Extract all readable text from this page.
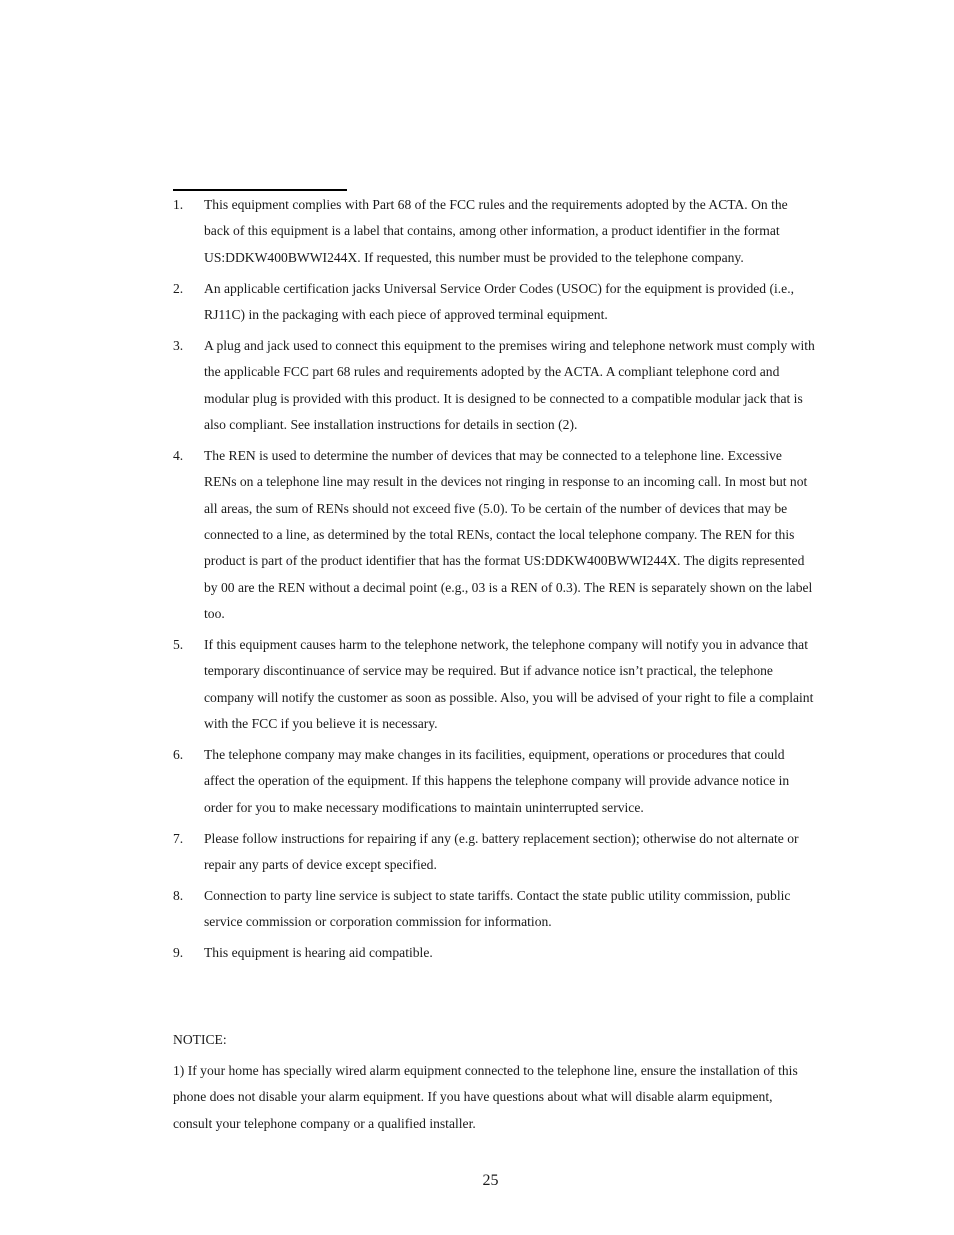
1. This equipment complies with Part 68 of the FCC rules and the requirements adopted by the ACTA. On the back of this equipment is a label that contains, among other information, a product identifier in the format US:DDKW400BWWI244X. If requested, this number must be provided to the telephone company.
2. An applicable certification jacks Universal Service Order Codes (USOC) for the equipment is provided (i.e., RJ11C) in the packaging with each piece of approved terminal equipment.
3. A plug and jack used to connect this equipment to the premises wiring and telephone network must comply with the applicable FCC part 68 rules and requirements adopted by the ACTA. A compliant telephone cord and modular plug is provided with this product. It is designed to be connected to a compatible modular jack that is also compliant. See installation instructions for details in section (2).
4. The REN is used to determine the number of devices that may be connected to a telephone line. Excessive RENs on a telephone line may result in the devices not ringing in response to an incoming call. In most but not all areas, the sum of RENs should not exceed five (5.0). To be certain of the number of devices that may be connected to a line, as determined by the total RENs, contact the local telephone company. The REN for this product is part of the product identifier that has the format US:DDKW400BWWI244X. The digits represented by 00 are the REN without a decimal point (e.g., 03 is a REN of 0.3). The REN is separately shown on the label too.
5. If this equipment causes harm to the telephone network, the telephone company will notify you in advance that temporary discontinuance of service may be required. But if advance notice isn’t practical, the telephone company will notify the customer as soon as possible. Also, you will be advised of your right to file a complaint with the FCC if you believe it is necessary.
6. The telephone company may make changes in its facilities, equipment, operations or procedures that could affect the operation of the equipment. If this happens the telephone company will provide advance notice in order for you to make necessary modifications to maintain uninterrupted service.
7. Please follow instructions for repairing if any (e.g. battery replacement section); otherwise do not alternate or repair any parts of device except specified.
8. Connection to party line service is subject to state tariffs. Contact the state public utility commission, public service commission or corporation commission for information.
9. This equipment is hearing aid compatible.

NOTICE:

1) If your home has specially wired alarm equipment connected to the telephone line, ensure the installation of this phone does not disable your alarm equipment. If you have questions about what will disable alarm equipment, consult your telephone company or a qualified installer.

25
